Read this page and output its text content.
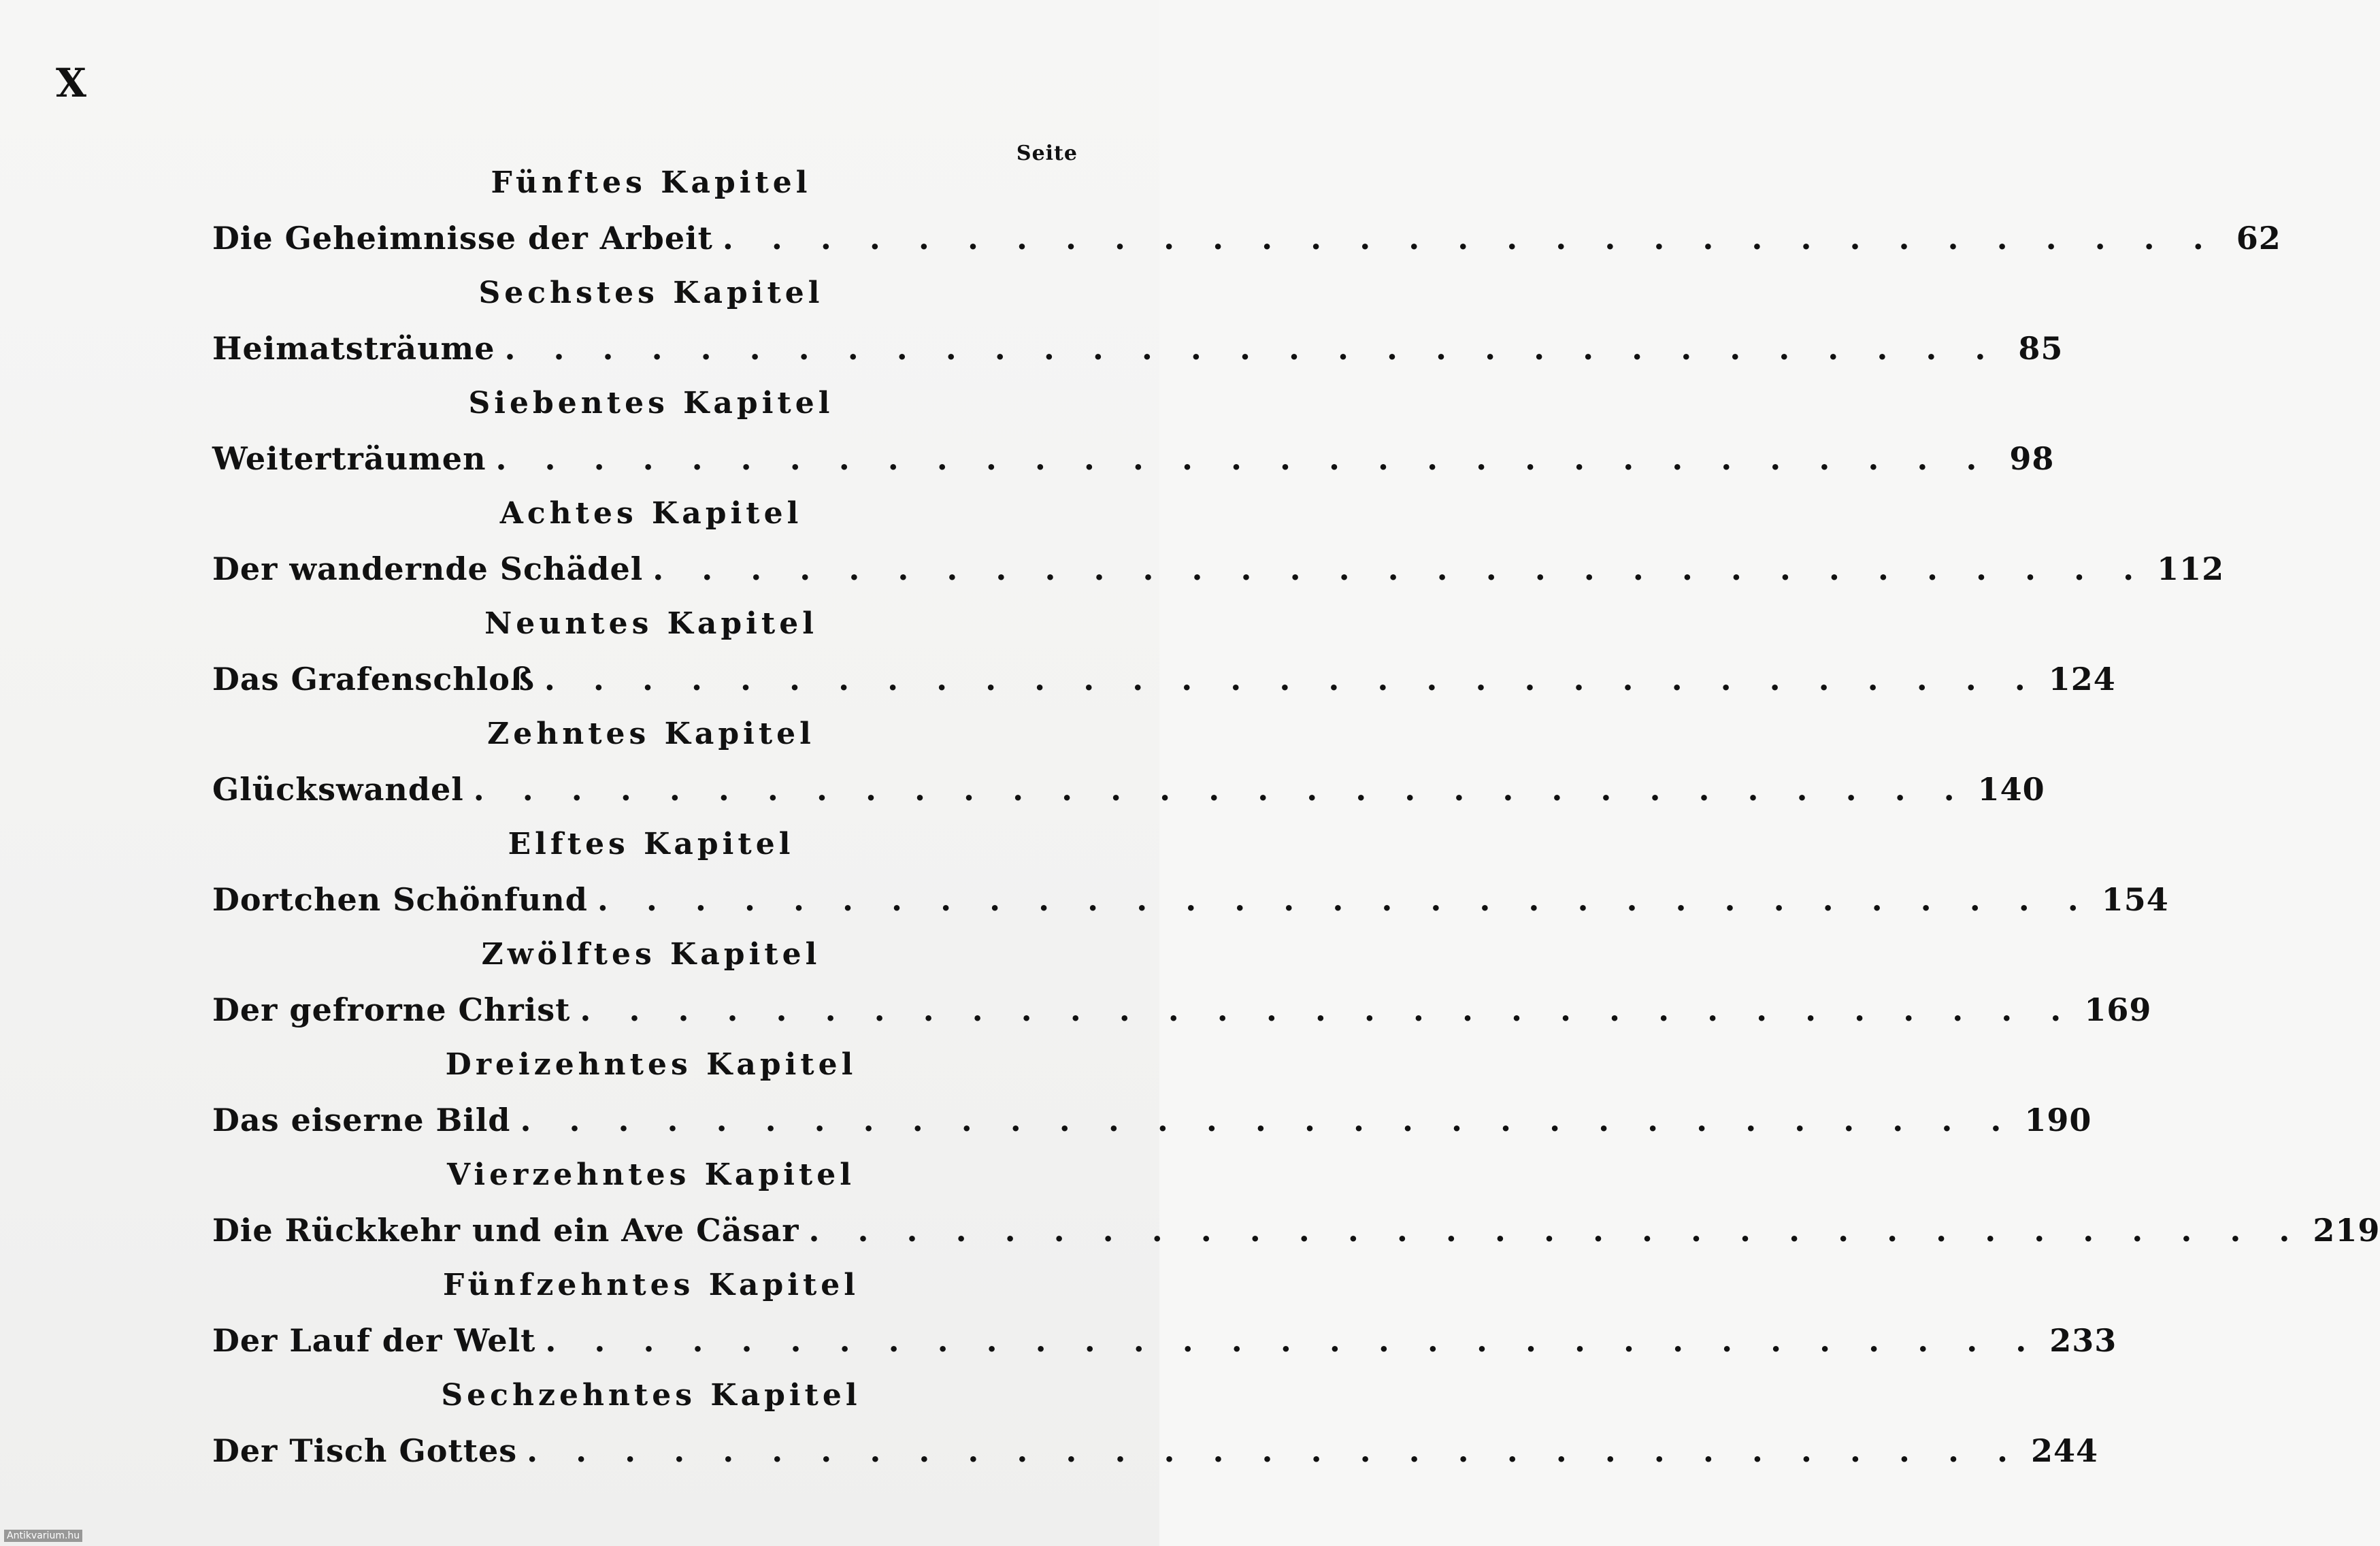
X
Seite
Fünftes Kapitel
Die Geheimnisse der Arbeit . . . . . . . . . . . . . . . . . . . . . . . . . . . . . . . 62
Sechstes Kapitel
Heimatsträume . . . . . . . . . . . . . . . . . . . . . . . . . . . . . . . 85
Siebentes Kapitel
Weiterträumen . . . . . . . . . . . . . . . . . . . . . . . . . . . . . . . 98
Achtes Kapitel
Der wandernde Schädel . . . . . . . . . . . . . . . . . . . . . . . . . . . . . . . 112
Neuntes Kapitel
Das Grafenschloß . . . . . . . . . . . . . . . . . . . . . . . . . . . . . . . 124
Zehntes Kapitel
Glückswandel . . . . . . . . . . . . . . . . . . . . . . . . . . . . . . . 140
Elftes Kapitel
Dortchen Schönfund . . . . . . . . . . . . . . . . . . . . . . . . . . . . . . . 154
Zwölftes Kapitel
Der gefrorne Christ . . . . . . . . . . . . . . . . . . . . . . . . . . . . . . . 169
Dreizehntes Kapitel
Das eiserne Bild . . . . . . . . . . . . . . . . . . . . . . . . . . . . . . . 190
Vierzehntes Kapitel
Die Rückkehr und ein Ave Cäsar . . . . . . . . . . . . . . . . . . . . . . . . . . . . . . . 219
Fünfzehntes Kapitel
Der Lauf der Welt . . . . . . . . . . . . . . . . . . . . . . . . . . . . . . . 233
Sechzehntes Kapitel
Der Tisch Gottes . . . . . . . . . . . . . . . . . . . . . . . . . . . . . . . 244
Antikvarium.hu
